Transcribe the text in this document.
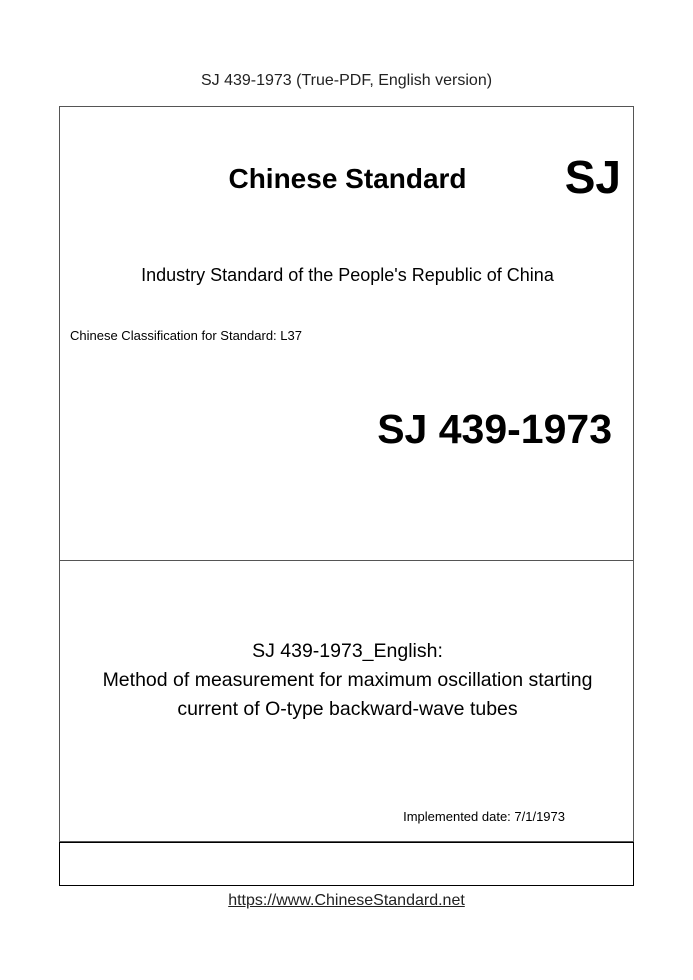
SJ 439-1973 (True-PDF, English version)
Chinese Standard	SJ
Industry Standard of the People's Republic of China
Chinese Classification for Standard: L37
SJ 439-1973
SJ 439-1973_English:
Method of measurement for maximum oscillation starting
current of O-type backward-wave tubes
Implemented date: 7/1/1973
https://www.ChineseStandard.net
